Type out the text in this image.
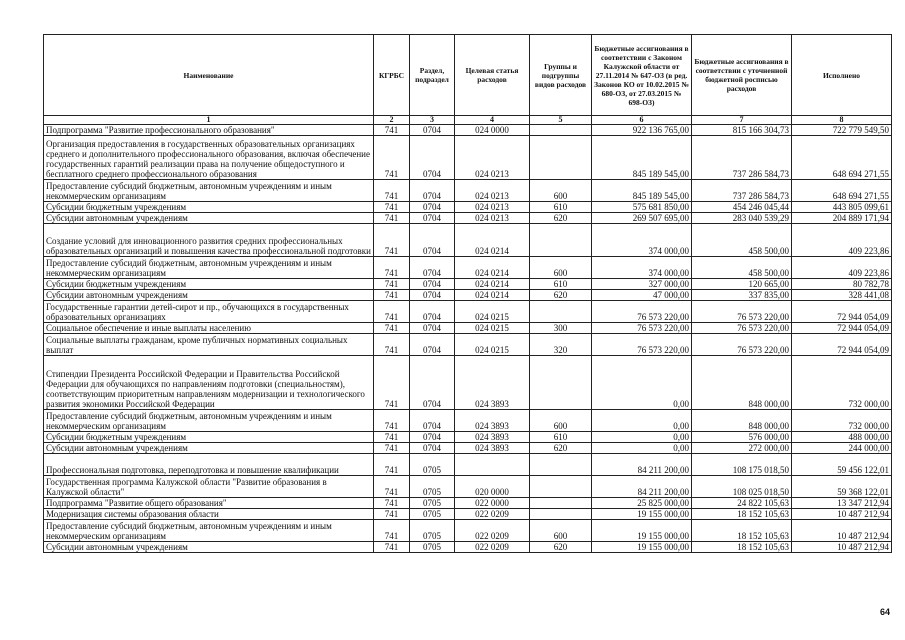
Наименование	КГРБС	Раздел, подраздел	Целевая статья расходов	Группы и подгруппы видов расходов	Бюджетные ассигнования в соответствии с Законом Калужской области от 27.11.2014 № 647-ОЗ (в ред. Законов КО от 10.02.2015 № 680-ОЗ, от 27.03.2015 № 698-ОЗ)	Бюджетные ассигнования в соответствии с уточненной бюджетной росписью расходов	Исполнено
1	2	3	4	5	6	7	8
Подпрограмма "Развитие профессионального образования"	741	0704	024 0000		922 136 765,00	815 166 304,73	722 779 549,50
Организация предоставления в государственных образовательных организациях среднего и дополнительного профессионального образования, включая обеспечение государственных гарантий реализации права на получение общедоступного и бесплатного среднего профессионального образования	741	0704	024 0213		845 189 545,00	737 286 584,73	648 694 271,55
Предоставление субсидий бюджетным, автономным учреждениям и иным некоммерческим организациям	741	0704	024 0213	600	845 189 545,00	737 286 584,73	648 694 271,55
Субсидии бюджетным учреждениям	741	0704	024 0213	610	575 681 850,00	454 246 045,44	443 805 099,61
Субсидии автономным учреждениям	741	0704	024 0213	620	269 507 695,00	283 040 539,29	204 889 171,94
Создание условий для инновационного развития средних профессиональных образовательных организаций и повышения качества профессиональной подготовки	741	0704	024 0214		374 000,00	458 500,00	409 223,86
Предоставление субсидий бюджетным, автономным учреждениям и иным некоммерческим организациям	741	0704	024 0214	600	374 000,00	458 500,00	409 223,86
Субсидии бюджетным учреждениям	741	0704	024 0214	610	327 000,00	120 665,00	80 782,78
Субсидии автономным учреждениям	741	0704	024 0214	620	47 000,00	337 835,00	328 441,08
Государственные гарантии детей-сирот и пр., обучающихся в государственных образовательных организациях	741	0704	024 0215		76 573 220,00	76 573 220,00	72 944 054,09
Социальное обеспечение и иные выплаты населению	741	0704	024 0215	300	76 573 220,00	76 573 220,00	72 944 054,09
Социальные выплаты гражданам, кроме публичных нормативных социальных выплат	741	0704	024 0215	320	76 573 220,00	76 573 220,00	72 944 054,09
Стипендии Президента Российской Федерации и Правительства Российской Федерации для обучающихся по направлениям подготовки (специальностям), соответствующим приоритетным направлениям модернизации и технологического развития экономики Российской Федерации	741	0704	024 3893		0,00	848 000,00	732 000,00
Предоставление субсидий бюджетным, автономным учреждениям и иным некоммерческим организациям	741	0704	024 3893	600	0,00	848 000,00	732 000,00
Субсидии бюджетным учреждениям	741	0704	024 3893	610	0,00	576 000,00	488 000,00
Субсидии автономным учреждениям	741	0704	024 3893	620	0,00	272 000,00	244 000,00
Профессиональная подготовка, переподготовка и повышение квалификации	741	0705			84 211 200,00	108 175 018,50	59 456 122,01
Государственная программа Калужской области "Развитие образования в Калужской области"	741	0705	020 0000		84 211 200,00	108 025 018,50	59 368 122,01
Подпрограмма "Развитие общего образования"	741	0705	022 0000		25 825 000,00	24 822 105,63	13 347 212,94
Модернизация системы образования области	741	0705	022 0209		19 155 000,00	18 152 105,63	10 487 212,94
Предоставление субсидий бюджетным, автономным учреждениям и иным некоммерческим организациям	741	0705	022 0209	600	19 155 000,00	18 152 105,63	10 487 212,94
Субсидии автономным учреждениям	741	0705	022 0209	620	19 155 000,00	18 152 105,63	10 487 212,94
64
